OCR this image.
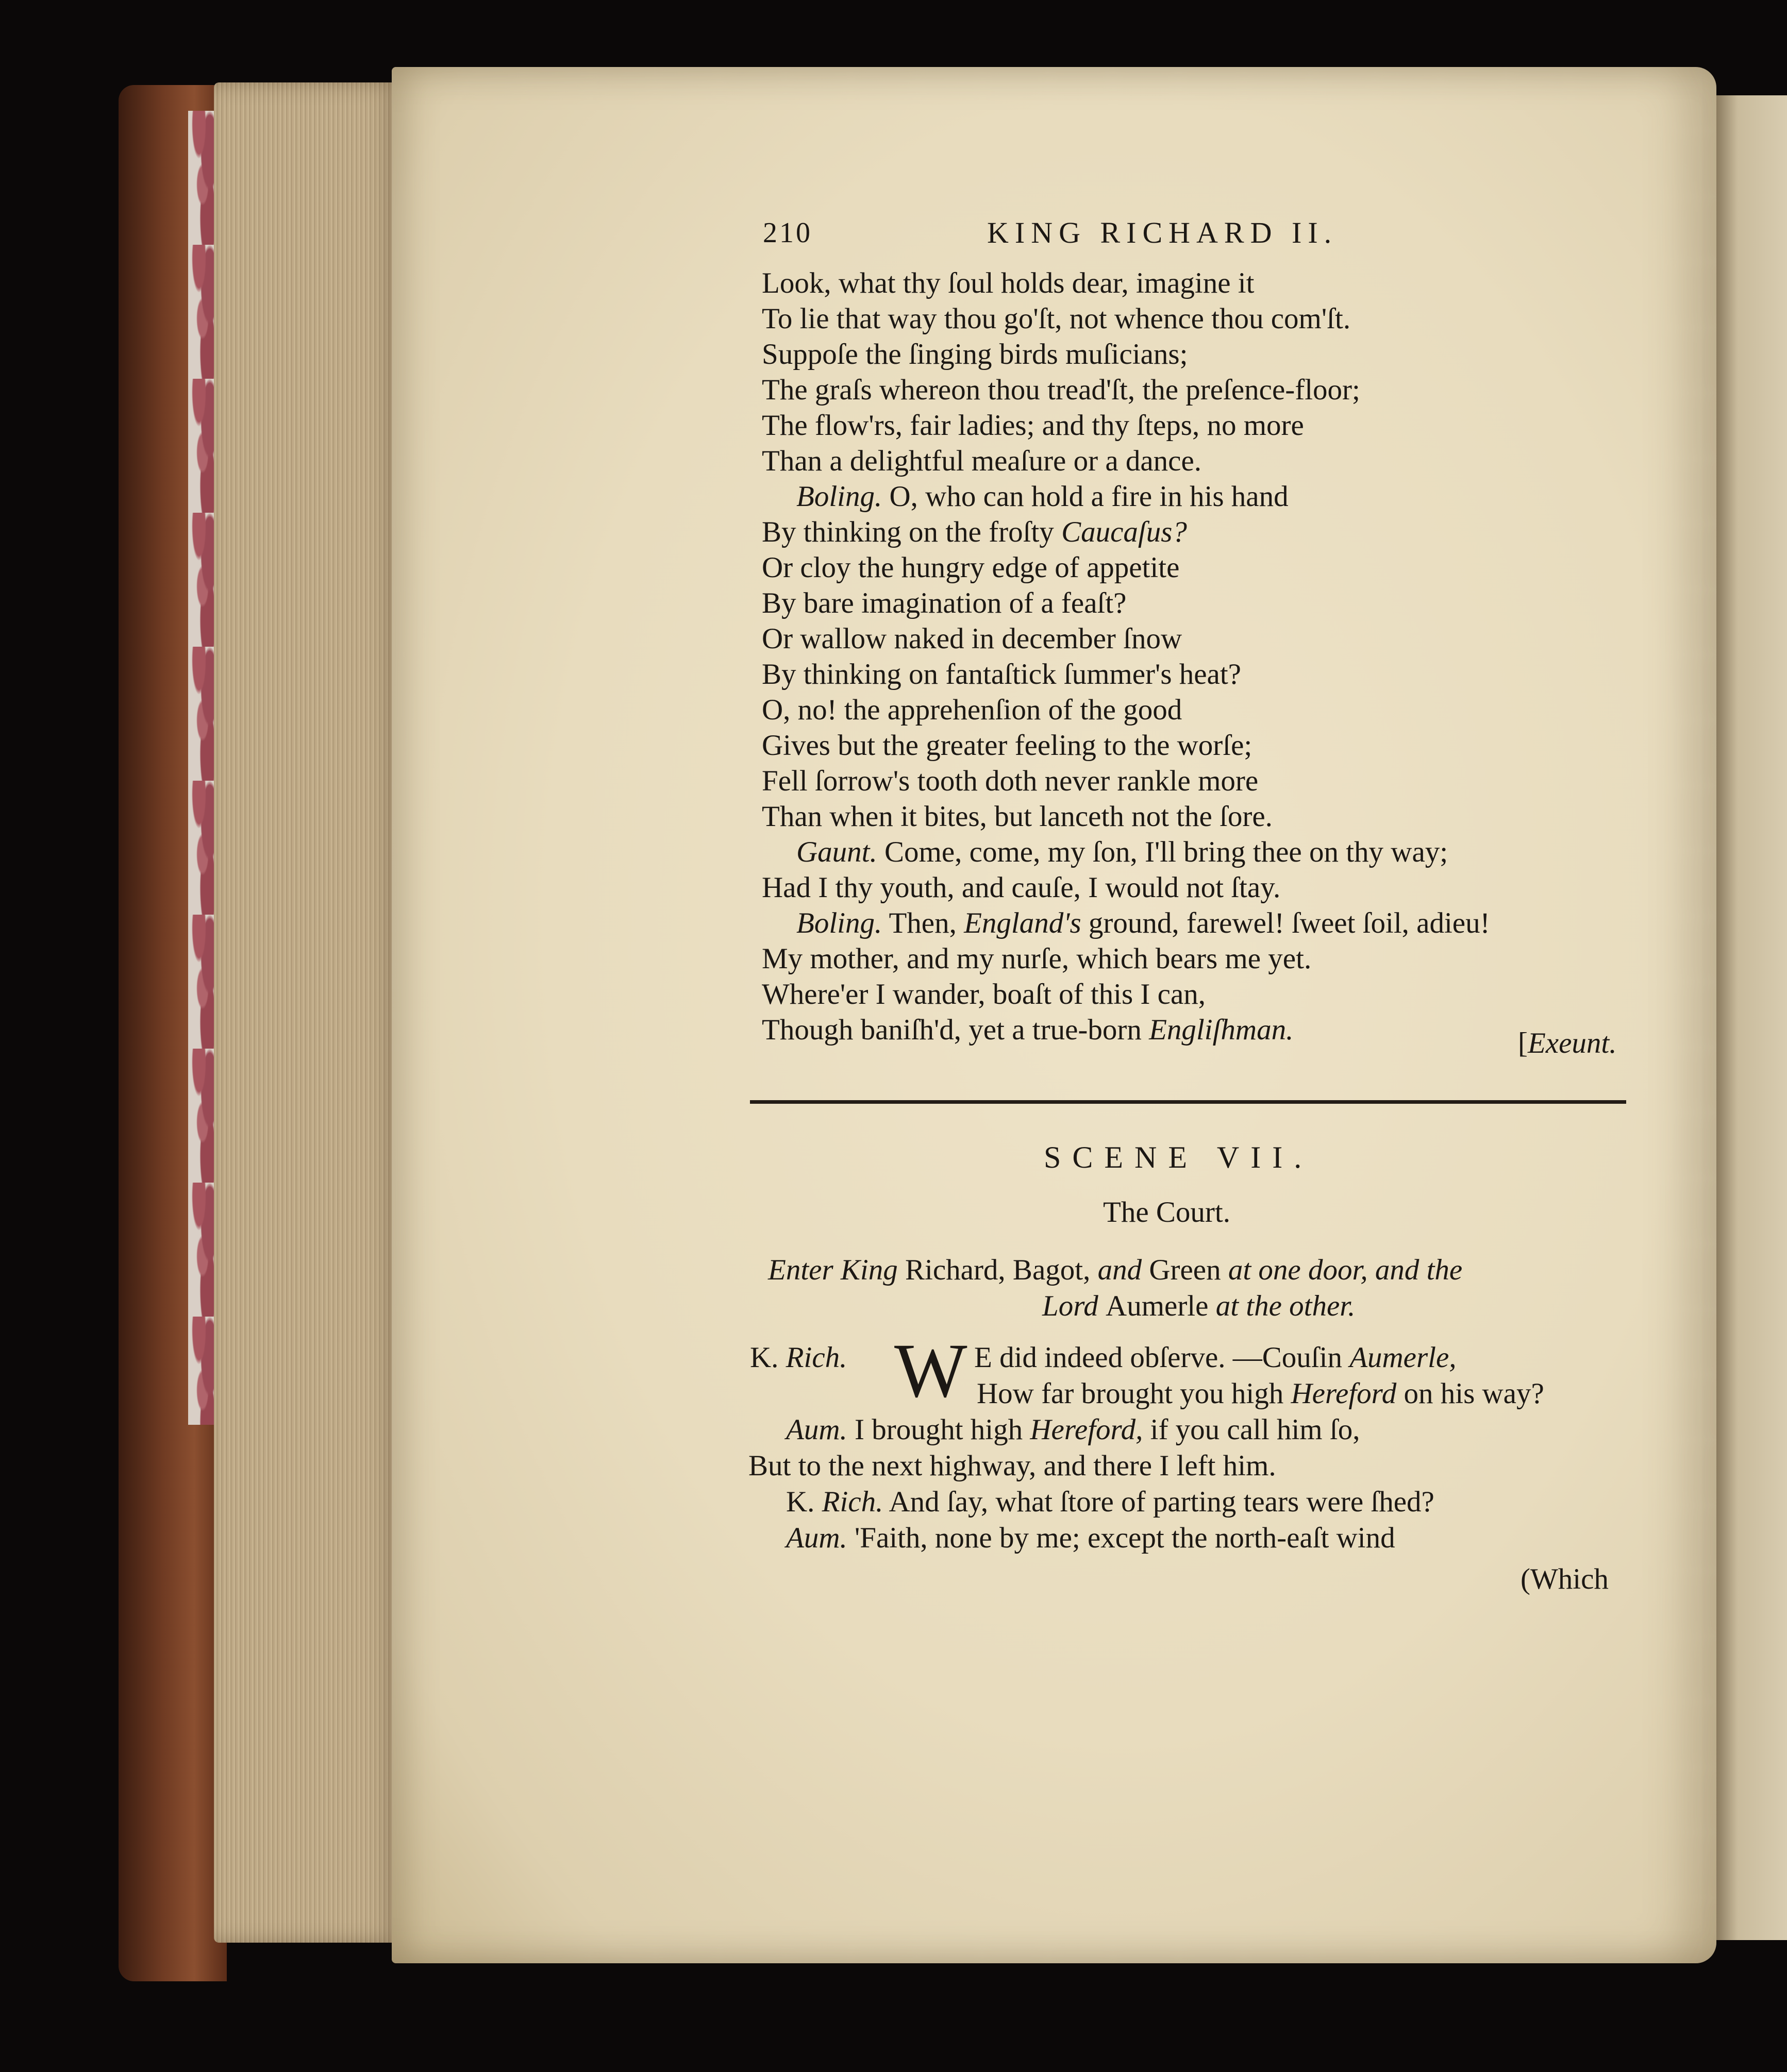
210	KING RICHARD II.
Look, what thy ſoul holds dear, imagine it
To lie that way thou go'ſt, not whence thou com'ſt.
Suppoſe the ſinging birds muſicians;
The graſs whereon thou tread'ſt, the preſence-floor;
The flow'rs, fair ladies; and thy ſteps, no more
Than a delightful meaſure or a dance.
Boling. O, who can hold a fire in his hand
By thinking on the froſty Caucaſus?
Or cloy the hungry edge of appetite
By bare imagination of a feaſt?
Or wallow naked in december ſnow
By thinking on fantaſtick ſummer's heat?
O, no! the apprehenſion of the good
Gives but the greater feeling to the worſe;
Fell ſorrow's tooth doth never rankle more
Than when it bites, but lanceth not the ſore.
Gaunt. Come, come, my ſon, I'll bring thee on thy way;
Had I thy youth, and cauſe, I would not ſtay.
Boling. Then, England's ground, farewel! ſweet ſoil, adieu!
My mother, and my nurſe, which bears me yet.
Where'er I wander, boaſt of this I can,
Though baniſh'd, yet a true-born Engliſhman.	[Exeunt.
SCENE VII.
The Court.
Enter King Richard, Bagot, and Green at one door, and the
Lord Aumerle at the other.
K. Rich. W E did indeed obſerve. —Couſin Aumerle,
How far brought you high Hereford on his way?
Aum. I brought high Hereford, if you call him ſo,
But to the next highway, and there I left him.
K. Rich. And ſay, what ſtore of parting tears were ſhed?
Aum. 'Faith, none by me; except the north-eaſt wind
(Which
